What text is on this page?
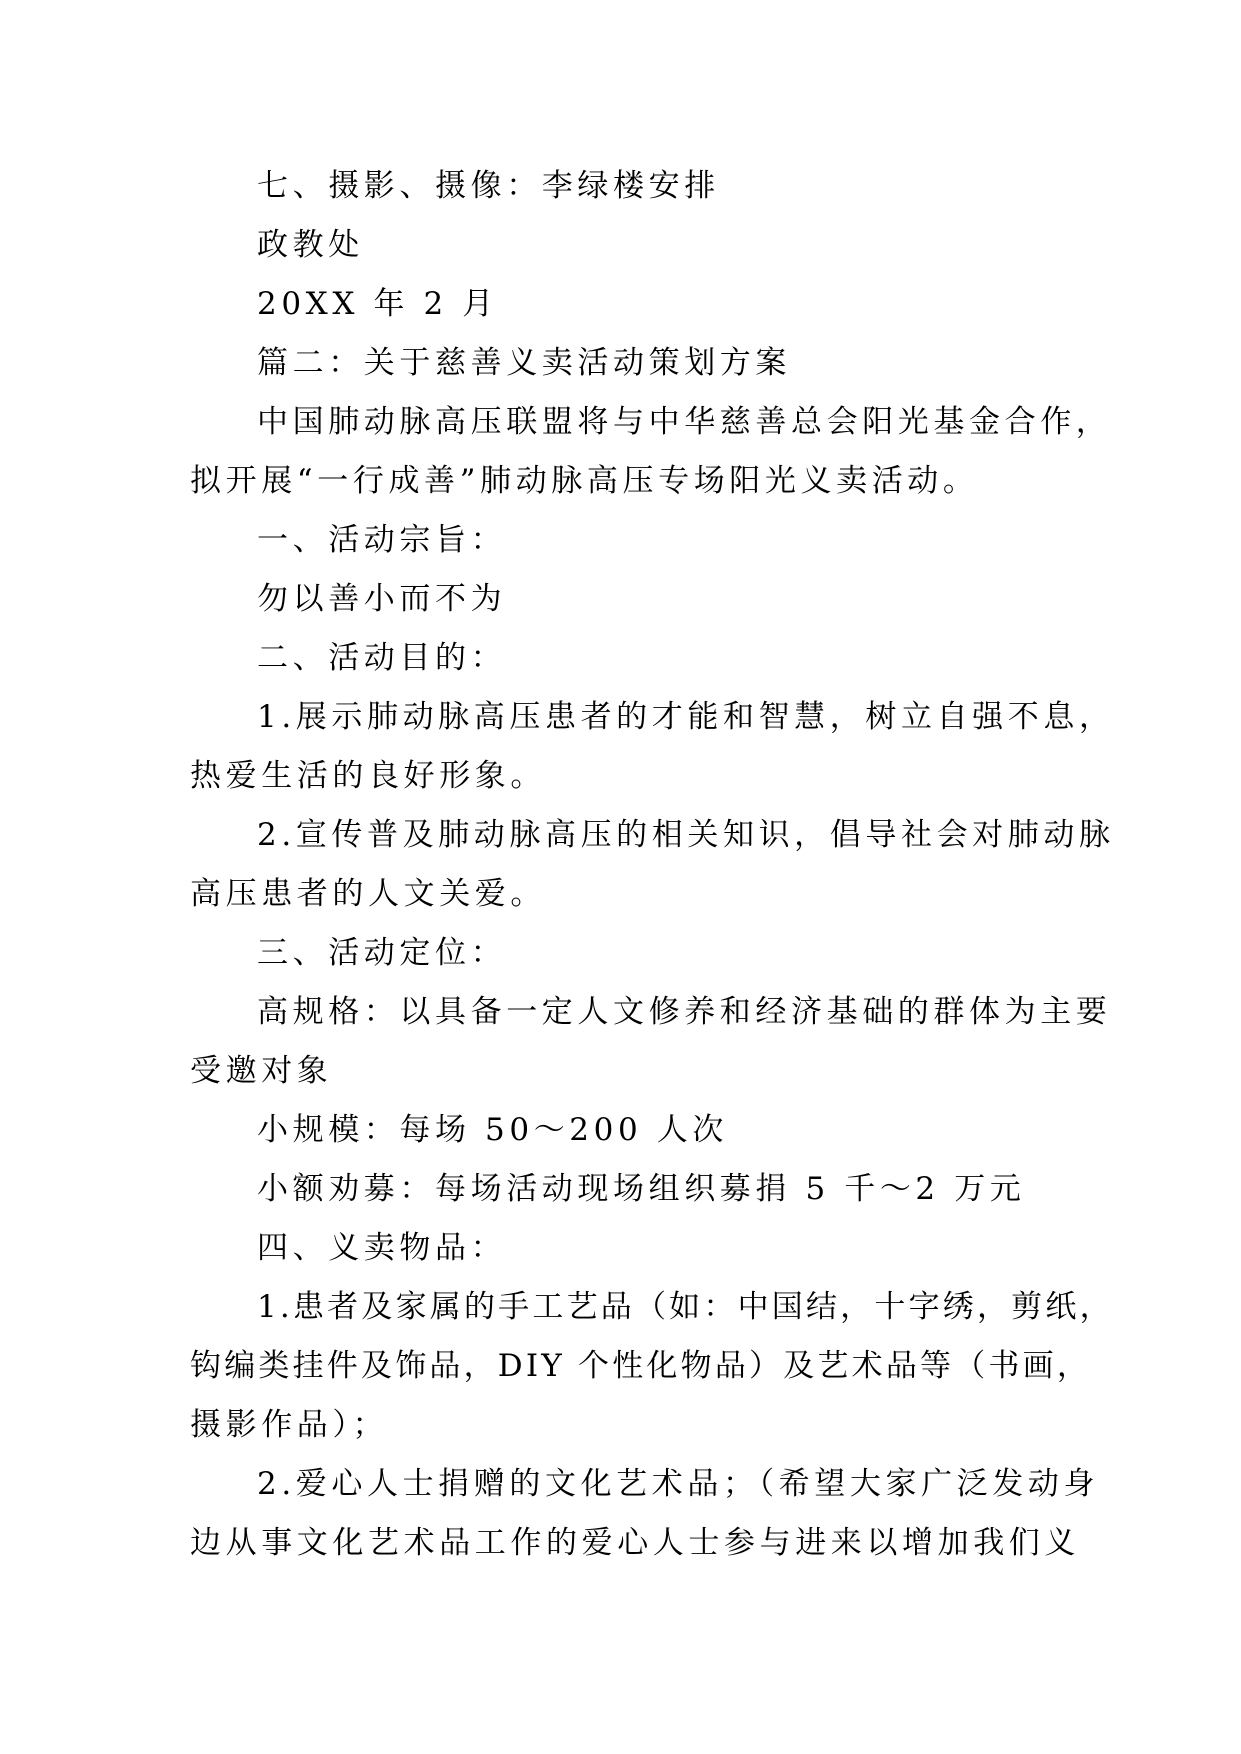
七、摄影、摄像：李绿楼安排
政教处
20XX 年 2 月
篇二：关于慈善义卖活动策划方案
中国肺动脉高压联盟将与中华慈善总会阳光基金合作，
拟开展“一行成善”肺动脉高压专场阳光义卖活动。
一、活动宗旨：
勿以善小而不为
二、活动目的：
1.展示肺动脉高压患者的才能和智慧，树立自强不息，
热爱生活的良好形象。
2.宣传普及肺动脉高压的相关知识，倡导社会对肺动脉
高压患者的人文关爱。
三、活动定位：
高规格：以具备一定人文修养和经济基础的群体为主要
受邀对象
小规模：每场 50～200 人次
小额劝募：每场活动现场组织募捐 5 千～2 万元
四、义卖物品：
1.患者及家属的手工艺品（如：中国结，十字绣，剪纸，
钩编类挂件及饰品，DIY 个性化物品）及艺术品等（书画，
摄影作品）；
2.爱心人士捐赠的文化艺术品；（希望大家广泛发动身
边从事文化艺术品工作的爱心人士参与进来以增加我们义
